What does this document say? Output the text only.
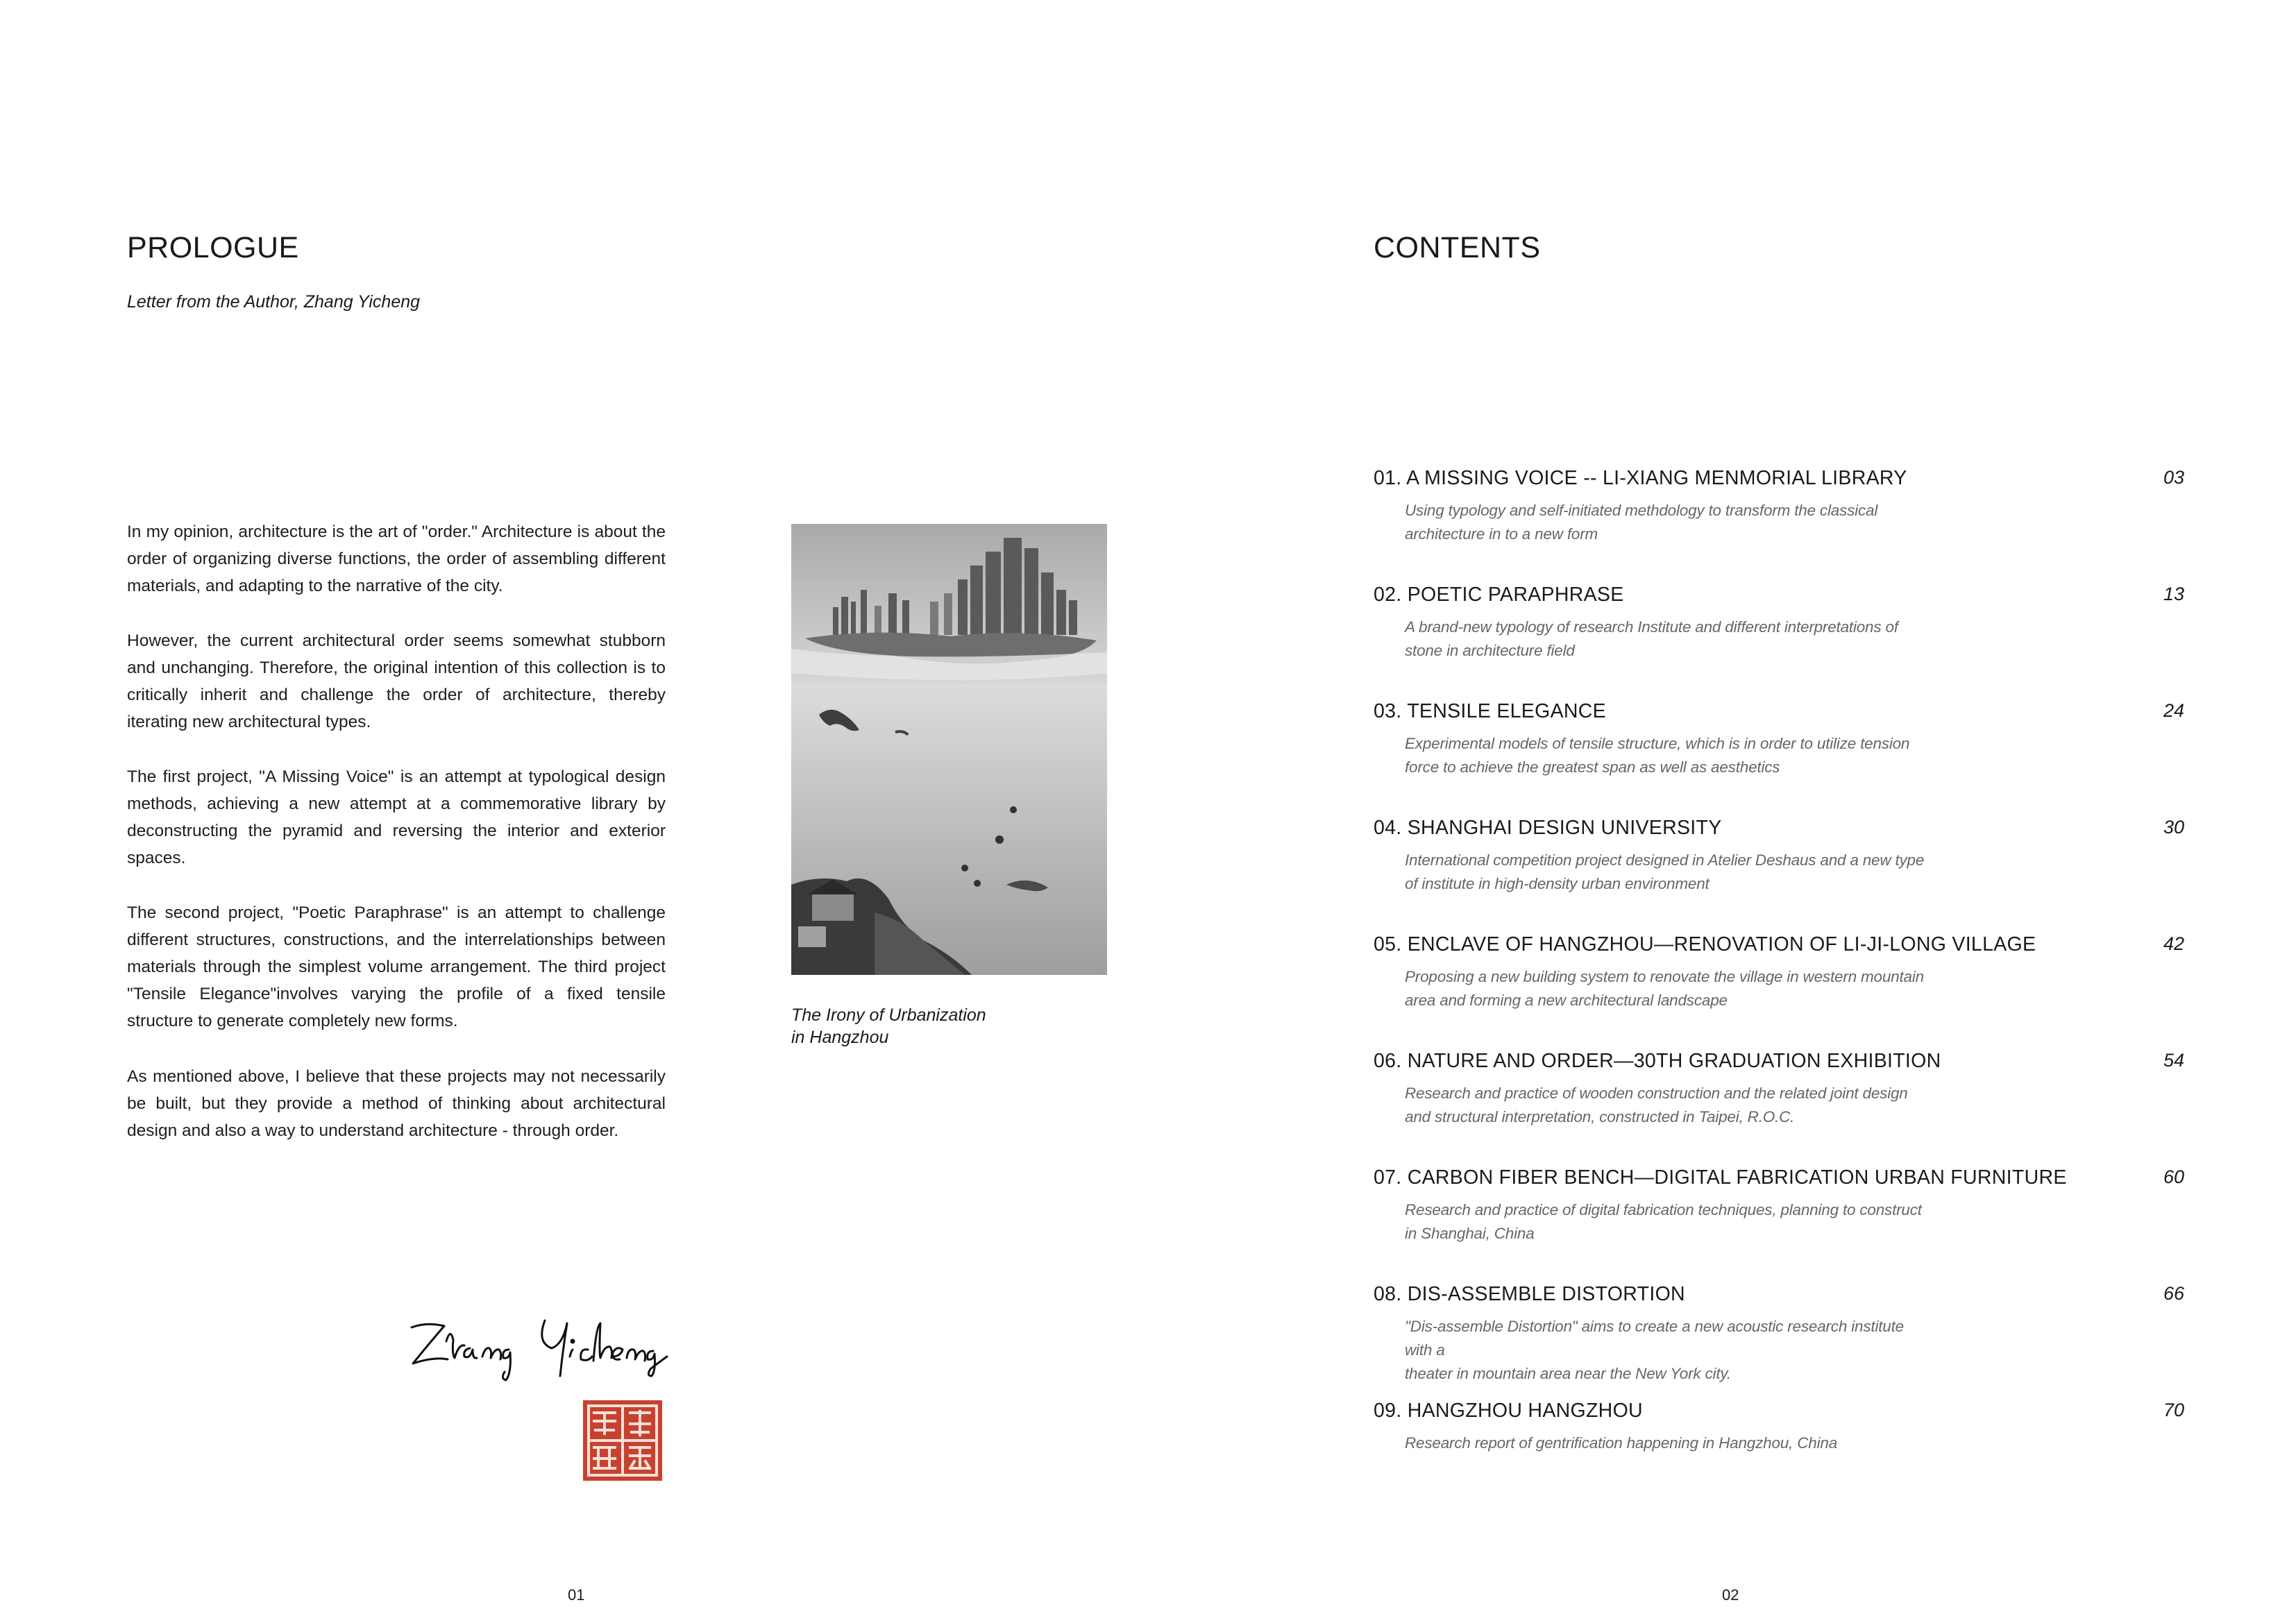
PROLOGUE
Letter from the Author, Zhang Yicheng
In my opinion, architecture is the art of "order." Architecture is about the order of organizing diverse functions, the order of assembling different materials, and adapting to the narrative of the city.
However, the current architectural order seems somewhat stubborn and unchanging. Therefore, the original intention of this collection is to critically inherit and challenge the order of architecture, thereby iterating new architectural types.
The first project, "A Missing Voice" is an attempt at typological design methods, achieving a new attempt at a commemorative library by deconstructing the pyramid and reversing the interior and exterior spaces.
The second project, "Poetic Paraphrase" is an attempt to challenge different structures, constructions, and the interrelationships between materials through the simplest volume arrangement. The third project "Tensile Elegance"involves varying the profile of a fixed tensile structure to generate completely new forms.
As mentioned above, I believe that these projects may not necessarily be built, but they provide a method of thinking about architectural design and also a way to understand architecture - through order.
The Irony of Urbanization
in Hangzhou
01
CONTENTS
01. A MISSING VOICE -- LI-XIANG MENMORIAL LIBRARY	03
Using typology and self-initiated methdology to transform the classical
architecture in to a new form
02. POETIC PARAPHRASE	13
A brand-new typology of research Institute and different interpretations of
stone in architecture field
03. TENSILE ELEGANCE	24
Experimental models of tensile structure, which is in order to utilize tension
force to achieve the greatest span as well as aesthetics
04. SHANGHAI DESIGN UNIVERSITY	30
International competition project designed in Atelier Deshaus and a new type
of institute in high-density urban environment
05. ENCLAVE OF HANGZHOU—RENOVATION OF LI-JI-LONG VILLAGE	42
Proposing a new building system to renovate the village in western mountain
area and forming a new architectural landscape
06. NATURE AND ORDER—30TH GRADUATION EXHIBITION	54
Research and practice of wooden construction and the related joint design
and structural interpretation, constructed in Taipei, R.O.C.
07. CARBON FIBER BENCH—DIGITAL FABRICATION URBAN FURNITURE	60
Research and practice of digital fabrication techniques, planning to construct
in Shanghai, China
08. DIS-ASSEMBLE DISTORTION	66
"Dis-assemble Distortion" aims to create a new acoustic research institute with a
theater in mountain area near the New York city.
09. HANGZHOU HANGZHOU	70
Research report of gentrification happening in Hangzhou, China
02
